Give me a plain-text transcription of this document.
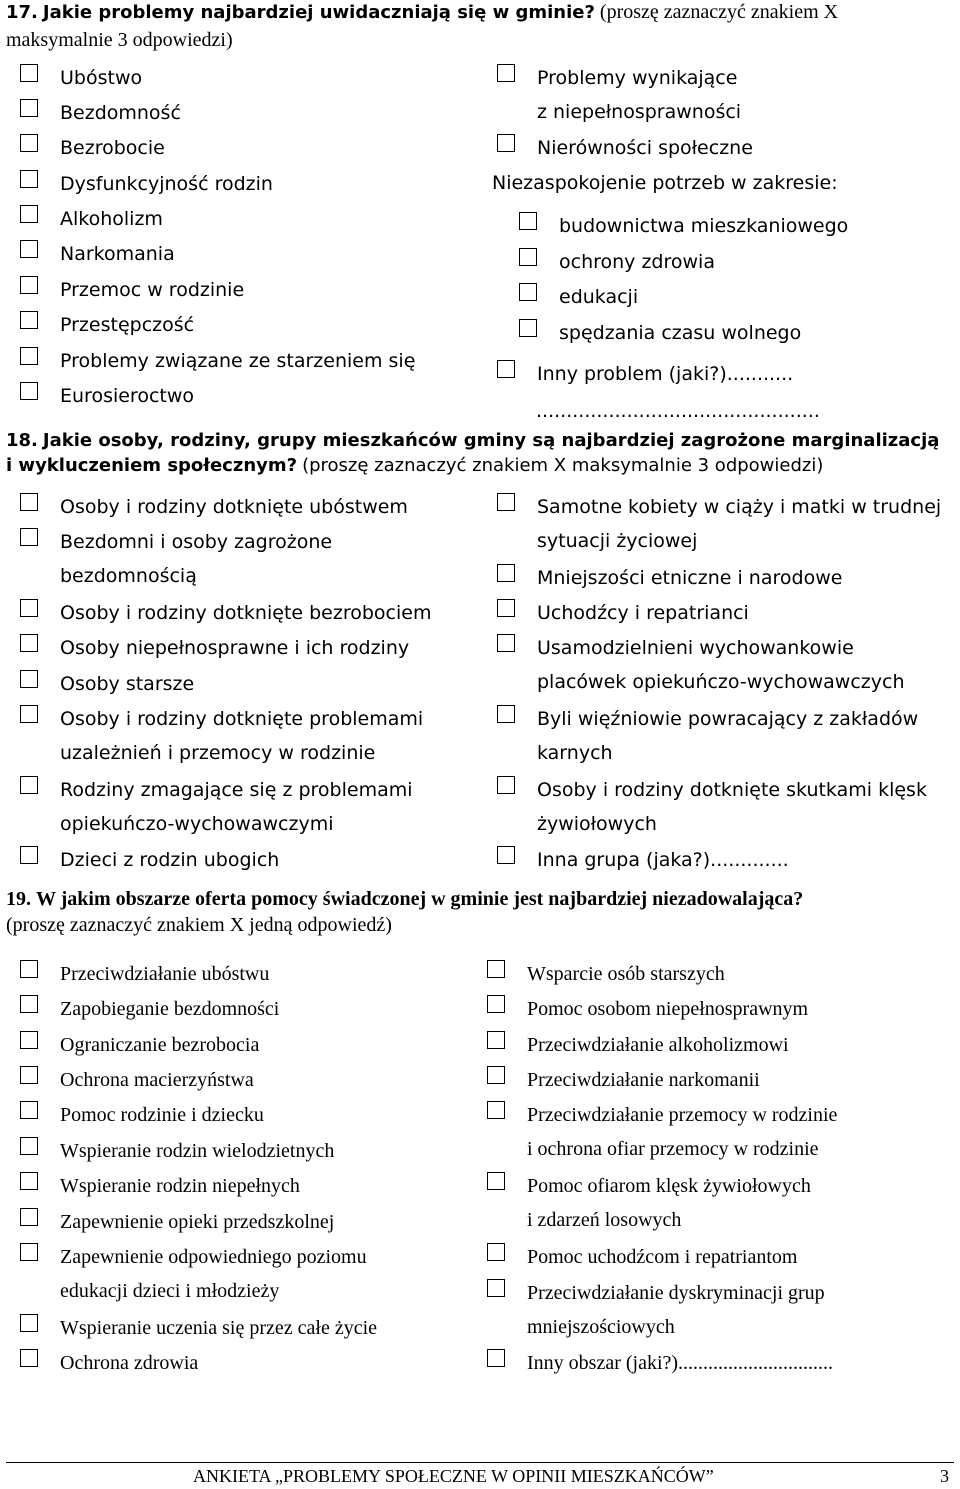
17. Jakie problemy najbardziej uwidaczniają się w gminie? (proszę zaznaczyć znakiem X
maksymalnie 3 odpowiedzi)
Ubóstwo
Bezdomność
Bezrobocie
Dysfunkcyjność rodzin
Alkoholizm
Narkomania
Przemoc w rodzinie
Przestępczość
Problemy związane ze starzeniem się
Eurosieroctwo
Problemy wynikające
z niepełnosprawności
Nierówności społeczne
Niezaspokojenie potrzeb w zakresie:
budownictwa mieszkaniowego
ochrony zdrowia
edukacji
spędzania czasu wolnego
Inny problem (jaki?)...........
...............................................
18. Jakie osoby, rodziny, grupy mieszkańców gminy są najbardziej zagrożone marginalizacją
i wykluczeniem społecznym? (proszę zaznaczyć znakiem X maksymalnie 3 odpowiedzi)
Osoby i rodziny dotknięte ubóstwem
Bezdomni i osoby zagrożone
bezdomnością
Osoby i rodziny dotknięte bezrobociem
Osoby niepełnosprawne i ich rodziny
Osoby starsze
Osoby i rodziny dotknięte problemami
uzależnień i przemocy w rodzinie
Rodziny zmagające się z problemami
opiekuńczo-wychowawczymi
Dzieci z rodzin ubogich
Samotne kobiety w ciąży i matki w trudnej
sytuacji życiowej
Mniejszości etniczne i narodowe
Uchodźcy i repatrianci
Usamodzielnieni wychowankowie
placówek opiekuńczo-wychowawczych
Byli więźniowie powracający z zakładów
karnych
Osoby i rodziny dotknięte skutkami klęsk
żywiołowych
Inna grupa (jaka?).............
19. W jakim obszarze oferta pomocy świadczonej w gminie jest najbardziej niezadowalająca?
(proszę zaznaczyć znakiem X jedną odpowiedź)
Przeciwdziałanie ubóstwu
Zapobieganie bezdomności
Ograniczanie bezrobocia
Ochrona macierzyństwa
Pomoc rodzinie i dziecku
Wspieranie rodzin wielodzietnych
Wspieranie rodzin niepełnych
Zapewnienie opieki przedszkolnej
Zapewnienie odpowiedniego poziomu
edukacji dzieci i młodzieży
Wspieranie uczenia się przez całe życie
Ochrona zdrowia
Wsparcie osób starszych
Pomoc osobom niepełnosprawnym
Przeciwdziałanie alkoholizmowi
Przeciwdziałanie narkomanii
Przeciwdziałanie przemocy w rodzinie
i ochrona ofiar przemocy w rodzinie
Pomoc ofiarom klęsk żywiołowych
i zdarzeń losowych
Pomoc uchodźcom i repatriantom
Przeciwdziałanie dyskryminacji grup
mniejszościowych
Inny obszar (jaki?)...............................
ANKIETA „PROBLEMY SPOŁECZNE W OPINII MIESZKAŃCÓW”	3
